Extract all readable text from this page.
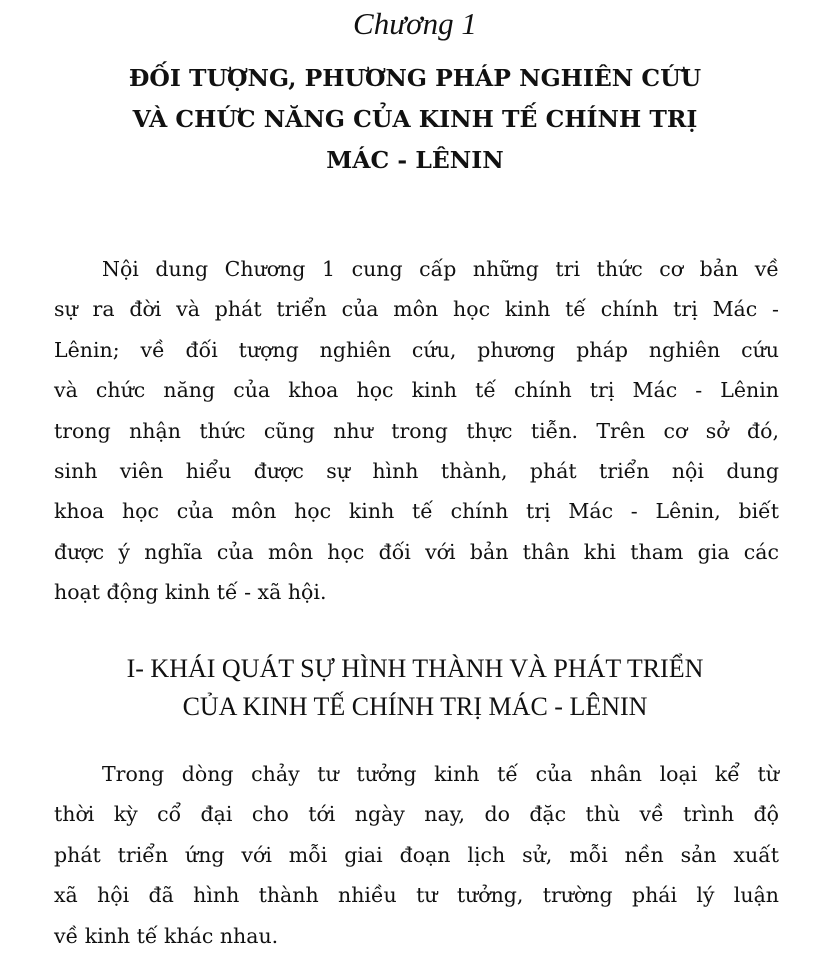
Chương 1
ĐỐI TƯỢNG, PHƯƠNG PHÁP NGHIÊN CỨU
VÀ CHỨC NĂNG CỦA KINH TẾ CHÍNH TRỊ
MÁC - LÊNIN
Nội dung Chương 1 cung cấp những tri thức cơ bản về
sự ra đời và phát triển của môn học kinh tế chính trị Mác -
Lênin; về đối tượng nghiên cứu, phương pháp nghiên cứu
và chức năng của khoa học kinh tế chính trị Mác - Lênin
trong nhận thức cũng như trong thực tiễn. Trên cơ sở đó,
sinh viên hiểu được sự hình thành, phát triển nội dung
khoa học của môn học kinh tế chính trị Mác - Lênin, biết
được ý nghĩa của môn học đối với bản thân khi tham gia các
hoạt động kinh tế - xã hội.
I- KHÁI QUÁT SỰ HÌNH THÀNH VÀ PHÁT TRIỂN
CỦA KINH TẾ CHÍNH TRỊ MÁC - LÊNIN
Trong dòng chảy tư tưởng kinh tế của nhân loại kể từ
thời kỳ cổ đại cho tới ngày nay, do đặc thù về trình độ
phát triển ứng với mỗi giai đoạn lịch sử, mỗi nền sản xuất
xã hội đã hình thành nhiều tư tưởng, trường phái lý luận
về kinh tế khác nhau.
